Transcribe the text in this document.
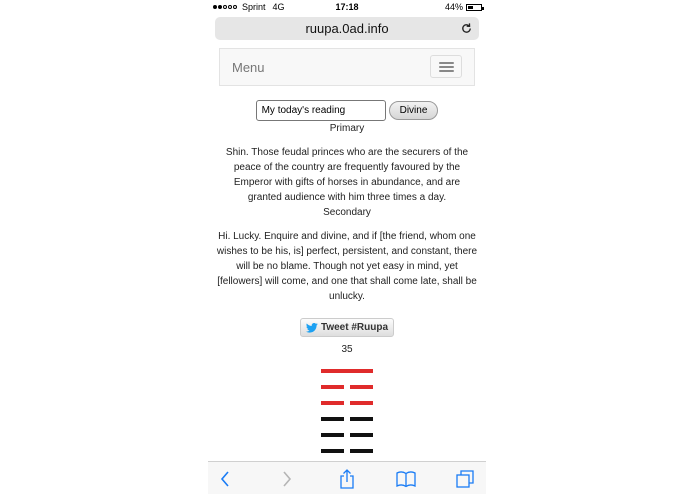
Sprint 4G	17:18	44%
ruupa.0ad.info
Menu
My today's reading
Divine

Primary

Shin. Those feudal princes who are the securers of the peace of the country are frequently favoured by the Emperor with gifts of horses in abundance, and are granted audience with him three times a day.

Secondary

Hi. Lucky. Enquire and divine, and if [the friend, whom one wishes to be his, is] perfect, persistent, and constant, there will be no blame. Though not yet easy in mind, yet [fellowers] will come, and one that shall come late, shall be unlucky.

Tweet #Ruupa
35
